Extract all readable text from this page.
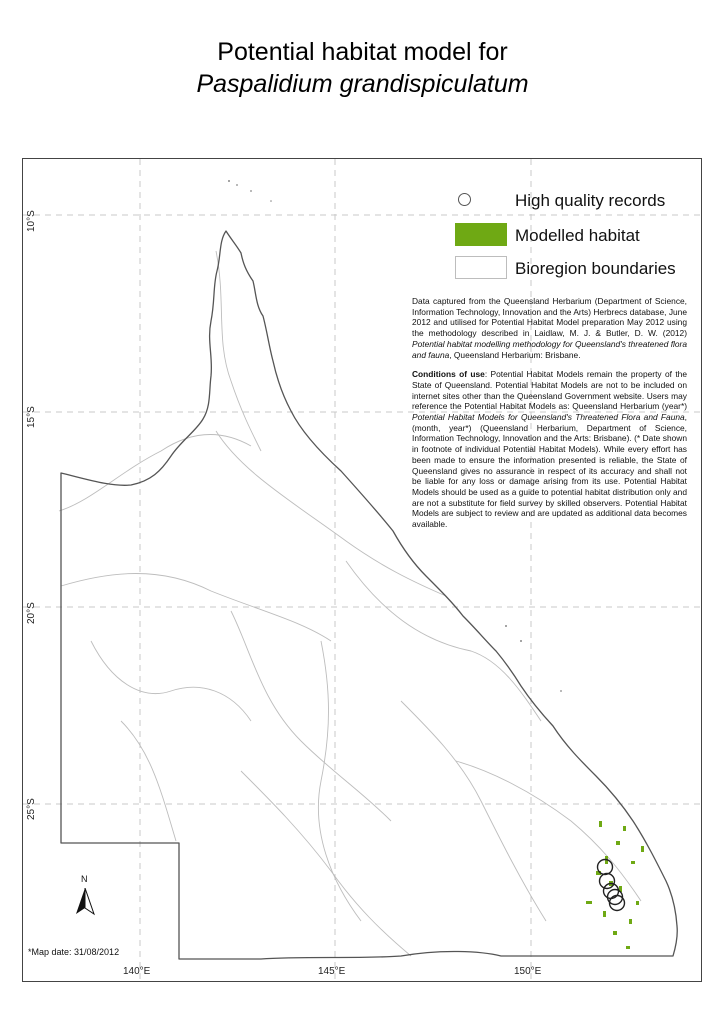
Potential habitat model for
Paspalidium grandispiculatum
10°S
15°S
20°S
25°S
140°E	145°E	150°E
High quality records
Modelled habitat
Bioregion boundaries

Data captured from the Queensland Herbarium (Department of Science, Information Technology, Innovation and the Arts) Herbrecs database, June 2012 and utilised for Potential Habitat Model preparation May 2012 using the methodology described in Laidlaw, M. J. & Butler, D. W. (2012) Potential habitat modelling methodology for Queensland's threatened flora and fauna, Queensland Herbarium: Brisbane.

Conditions of use: Potential Habitat Models remain the property of the State of Queensland. Potential Habitat Models are not to be included on internet sites other than the Queensland Government website. Users may reference the Potential Habitat Models as: Queensland Herbarium (year*) Potential Habitat Models for Queensland's Threatened Flora and Fauna, (month, year*) (Queensland Herbarium, Department of Science, Information Technology, Innovation and the Arts: Brisbane). (* Date shown in footnote of individual Potential Habitat Models). While every effort has been made to ensure the information presented is reliable, the State of Queensland gives no assurance in respect of its accuracy and shall not be liable for any loss or damage arising from its use. Potential Habitat Models should be used as a guide to potential habitat distribution only and are not a substitute for field survey by skilled observers. Potential Habitat Models are subject to review and are updated as additional data becomes available.

N
*Map date: 31/08/2012
